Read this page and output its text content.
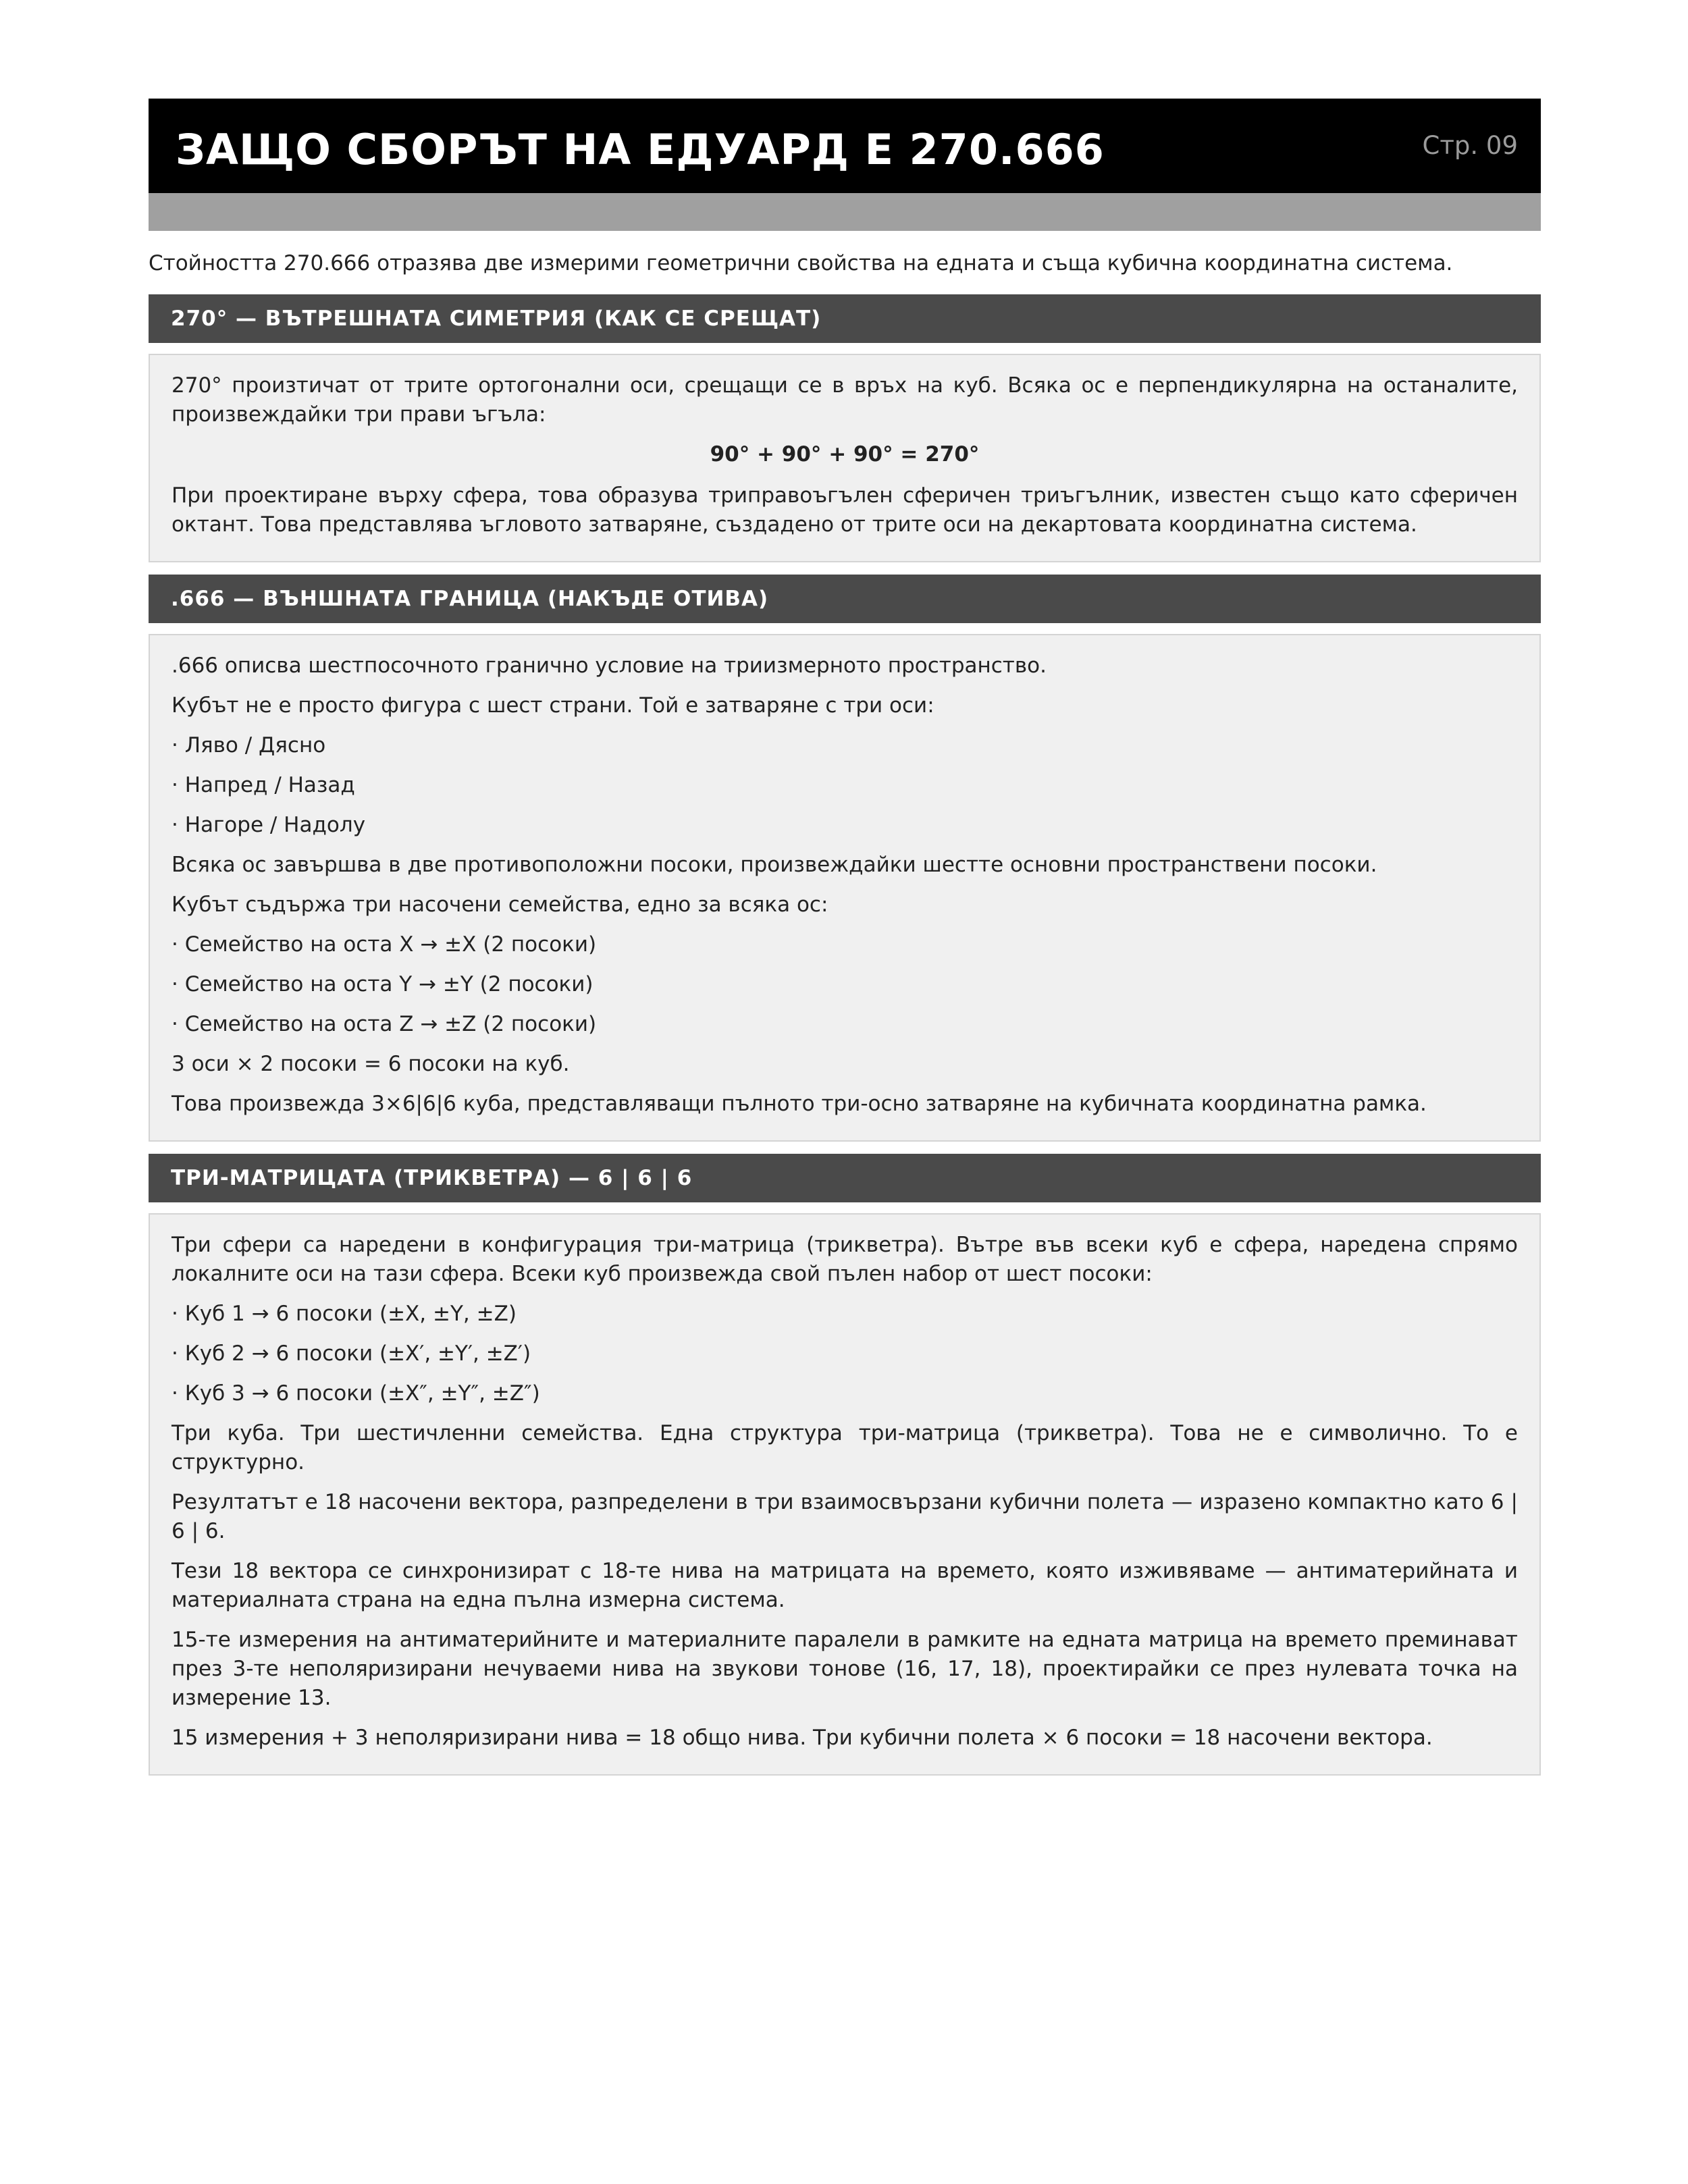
ЗАЩО СБОРЪТ НА ЕДУАРД Е 270.666	Стр. 09
Стойността 270.666 отразява две измерими геометрични свойства на едната и съща кубична координатна система.
270° — ВЪТРЕШНАТА СИМЕТРИЯ (КАК СЕ СРЕЩАТ)

270° произтичат от трите ортогонални оси, срещащи се в връх на куб. Всяка ос е перпендикулярна на останалите, произвеждайки три прави ъгъла:

90° + 90° + 90° = 270°

При проектиране върху сфера, това образува триправоъгълен сферичен триъгълник, известен също като сферичен октант. Това представлява ъгловото затваряне, създадено от трите оси на декартовата координатна система.

.666 — ВЪНШНАТА ГРАНИЦА (НАКЪДЕ ОТИВА)

.666 описва шестпосочното гранично условие на триизмерното пространство.

Кубът не е просто фигура с шест страни. Той е затваряне с три оси:

· Ляво / Дясно

· Напред / Назад

· Нагоре / Надолу

Всяка ос завършва в две противоположни посоки, произвеждайки шестте основни пространствени посоки.

Кубът съдържа три насочени семейства, едно за всяка ос:

· Семейство на оста X → ±X (2 посоки)

· Семейство на оста Y → ±Y (2 посоки)

· Семейство на оста Z → ±Z (2 посоки)

3 оси × 2 посоки = 6 посоки на куб.

Това произвежда 3×6|6|6 куба, представляващи пълното три-осно затваряне на кубичната координатна рамка.

ТРИ-МАТРИЦАТА (ТРИКВЕТРА) — 6 | 6 | 6

Три сфери са наредени в конфигурация три-матрица (трикветра). Вътре във всеки куб е сфера, наредена спрямо локалните оси на тази сфера. Всеки куб произвежда свой пълен набор от шест посоки:

· Куб 1 → 6 посоки (±X, ±Y, ±Z)

· Куб 2 → 6 посоки (±X′, ±Y′, ±Z′)

· Куб 3 → 6 посоки (±X″, ±Y″, ±Z″)

Три куба. Три шестичленни семейства. Една структура три-матрица (трикветра). Това не е символично. То е структурно.

Резултатът е 18 насочени вектора, разпределени в три взаимосвързани кубични полета — изразено компактно като 6 | 6 | 6.

Тези 18 вектора се синхронизират с 18-те нива на матрицата на времето, която изживяваме — антиматерийната и материалната страна на една пълна измерна система.

15-те измерения на антиматерийните и материалните паралели в рамките на едната матрица на времето преминават през 3-те неполяризирани нечуваеми нива на звукови тонове (16, 17, 18), проектирайки се през нулевата точка на измерение 13.

15 измерения + 3 неполяризирани нива = 18 общо нива. Три кубични полета × 6 посоки = 18 насочени вектора.
